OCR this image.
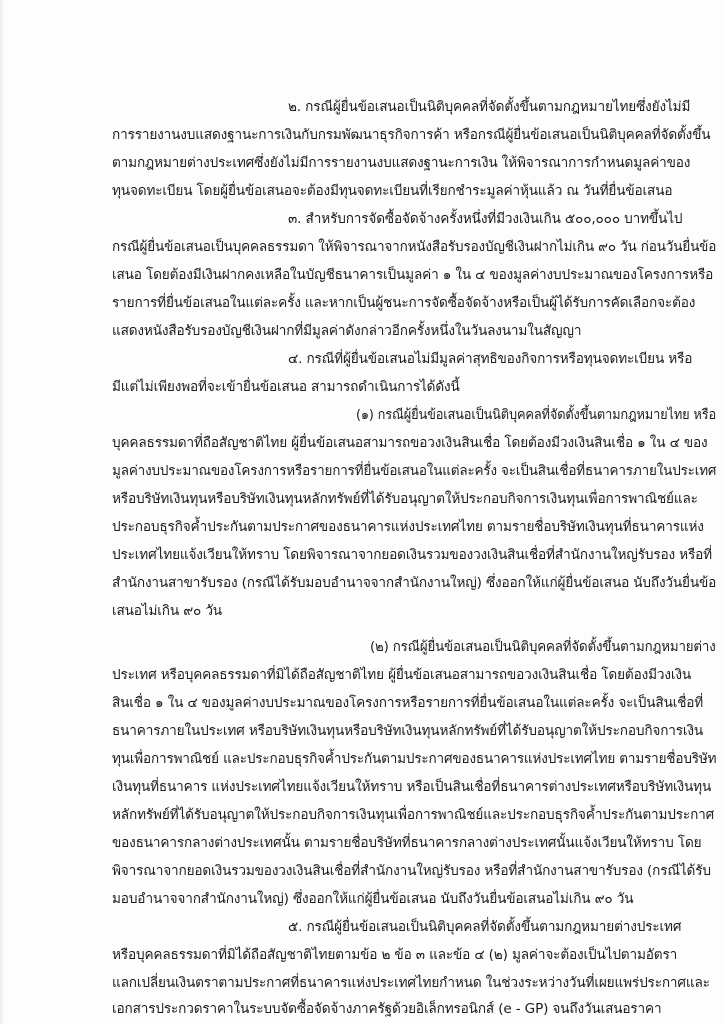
๒. กรณีผู้ยื่นข้อเสนอเป็นนิติบุคคลที่จัดตั้งขึ้นตามกฎหมายไทยซึ่งยังไม่มี
การรายงานงบแสดงฐานะการเงินกับกรมพัฒนาธุรกิจการค้า หรือกรณีผู้ยื่นข้อเสนอเป็นนิติบุคคลที่จัดตั้งขึ้น
ตามกฎหมายต่างประเทศซึ่งยังไม่มีการรายงานงบแสดงฐานะการเงิน ให้พิจารณาการกำหนดมูลค่าของ
ทุนจดทะเบียน โดยผู้ยื่นข้อเสนอจะต้องมีทุนจดทะเบียนที่เรียกชำระมูลค่าหุ้นแล้ว ณ วันที่ยื่นข้อเสนอ
๓. สำหรับการจัดซื้อจัดจ้างครั้งหนึ่งที่มีวงเงินเกิน ๕๐๐,๐๐๐ บาทขึ้นไป
กรณีผู้ยื่นข้อเสนอเป็นบุคคลธรรมดา ให้พิจารณาจากหนังสือรับรองบัญชีเงินฝากไม่เกิน ๙๐ วัน ก่อนวันยื่นข้อ
เสนอ โดยต้องมีเงินฝากคงเหลือในบัญชีธนาคารเป็นมูลค่า ๑ ใน ๔ ของมูลค่างบประมาณของโครงการหรือ
รายการที่ยื่นข้อเสนอในแต่ละครั้ง และหากเป็นผู้ชนะการจัดซื้อจัดจ้างหรือเป็นผู้ได้รับการคัดเลือกจะต้อง
แสดงหนังสือรับรองบัญชีเงินฝากที่มีมูลค่าดังกล่าวอีกครั้งหนึ่งในวันลงนามในสัญญา
๔. กรณีที่ผู้ยื่นข้อเสนอไม่มีมูลค่าสุทธิของกิจการหรือทุนจดทะเบียน หรือ
มีแต่ไม่เพียงพอที่จะเข้ายื่นข้อเสนอ สามารถดำเนินการได้ดังนี้
(๑) กรณีผู้ยื่นข้อเสนอเป็นนิติบุคคลที่จัดตั้งขึ้นตามกฎหมายไทย หรือ
บุคคลธรรมดาที่ถือสัญชาติไทย ผู้ยื่นข้อเสนอสามารถขอวงเงินสินเชื่อ โดยต้องมีวงเงินสินเชื่อ ๑ ใน ๔ ของ
มูลค่างบประมาณของโครงการหรือรายการที่ยื่นข้อเสนอในแต่ละครั้ง จะเป็นสินเชื่อที่ธนาคารภายในประเทศ
หรือบริษัทเงินทุนหรือบริษัทเงินทุนหลักทรัพย์ที่ได้รับอนุญาตให้ประกอบกิจการเงินทุนเพื่อการพาณิชย์และ
ประกอบธุรกิจค้ำประกันตามประกาศของธนาคารแห่งประเทศไทย ตามรายชื่อบริษัทเงินทุนที่ธนาคารแห่ง
ประเทศไทยแจ้งเวียนให้ทราบ โดยพิจารณาจากยอดเงินรวมของวงเงินสินเชื่อที่สำนักงานใหญ่รับรอง หรือที่
สำนักงานสาขารับรอง (กรณีได้รับมอบอำนาจจากสำนักงานใหญ่) ซึ่งออกให้แก่ผู้ยื่นข้อเสนอ นับถึงวันยื่นข้อ
เสนอไม่เกิน ๙๐ วัน
(๒) กรณีผู้ยื่นข้อเสนอเป็นนิติบุคคลที่จัดตั้งขึ้นตามกฎหมายต่าง
ประเทศ หรือบุคคลธรรมดาที่มิได้ถือสัญชาติไทย ผู้ยื่นข้อเสนอสามารถขอวงเงินสินเชื่อ โดยต้องมีวงเงิน
สินเชื่อ ๑ ใน ๔ ของมูลค่างบประมาณของโครงการหรือรายการที่ยื่นข้อเสนอในแต่ละครั้ง จะเป็นสินเชื่อที่
ธนาคารภายในประเทศ หรือบริษัทเงินทุนหรือบริษัทเงินทุนหลักทรัพย์ที่ได้รับอนุญาตให้ประกอบกิจการเงิน
ทุนเพื่อการพาณิชย์ และประกอบธุรกิจค้ำประกันตามประกาศของธนาคารแห่งประเทศไทย ตามรายชื่อบริษัท
เงินทุนที่ธนาคาร แห่งประเทศไทยแจ้งเวียนให้ทราบ หรือเป็นสินเชื่อที่ธนาคารต่างประเทศหรือบริษัทเงินทุน
หลักทรัพย์ที่ได้รับอนุญาตให้ประกอบกิจการเงินทุนเพื่อการพาณิชย์และประกอบธุรกิจค้ำประกันตามประกาศ
ของธนาคารกลางต่างประเทศนั้น ตามรายชื่อบริษัทที่ธนาคารกลางต่างประเทศนั้นแจ้งเวียนให้ทราบ โดย
พิจารณาจากยอดเงินรวมของวงเงินสินเชื่อที่สำนักงานใหญ่รับรอง หรือที่สำนักงานสาขารับรอง (กรณีได้รับ
มอบอำนาจจากสำนักงานใหญ่) ซึ่งออกให้แก่ผู้ยื่นข้อเสนอ นับถึงวันยื่นข้อเสนอไม่เกิน ๙๐ วัน
๕. กรณีผู้ยื่นข้อเสนอเป็นนิติบุคคลที่จัดตั้งขึ้นตามกฎหมายต่างประเทศ
หรือบุคคลธรรมดาที่มิได้ถือสัญชาติไทยตามข้อ ๒ ข้อ ๓ และข้อ ๔ (๒) มูลค่าจะต้องเป็นไปตามอัตรา
แลกเปลี่ยนเงินตราตามประกาศที่ธนาคารแห่งประเทศไทยกำหนด ในช่วงระหว่างวันที่เผยแพร่ประกาศและ
เอกสารประกวดราคาในระบบจัดซื้อจัดจ้างภาครัฐด้วยอิเล็กทรอนิกส์ (e - GP) จนถึงวันเสนอราคา
